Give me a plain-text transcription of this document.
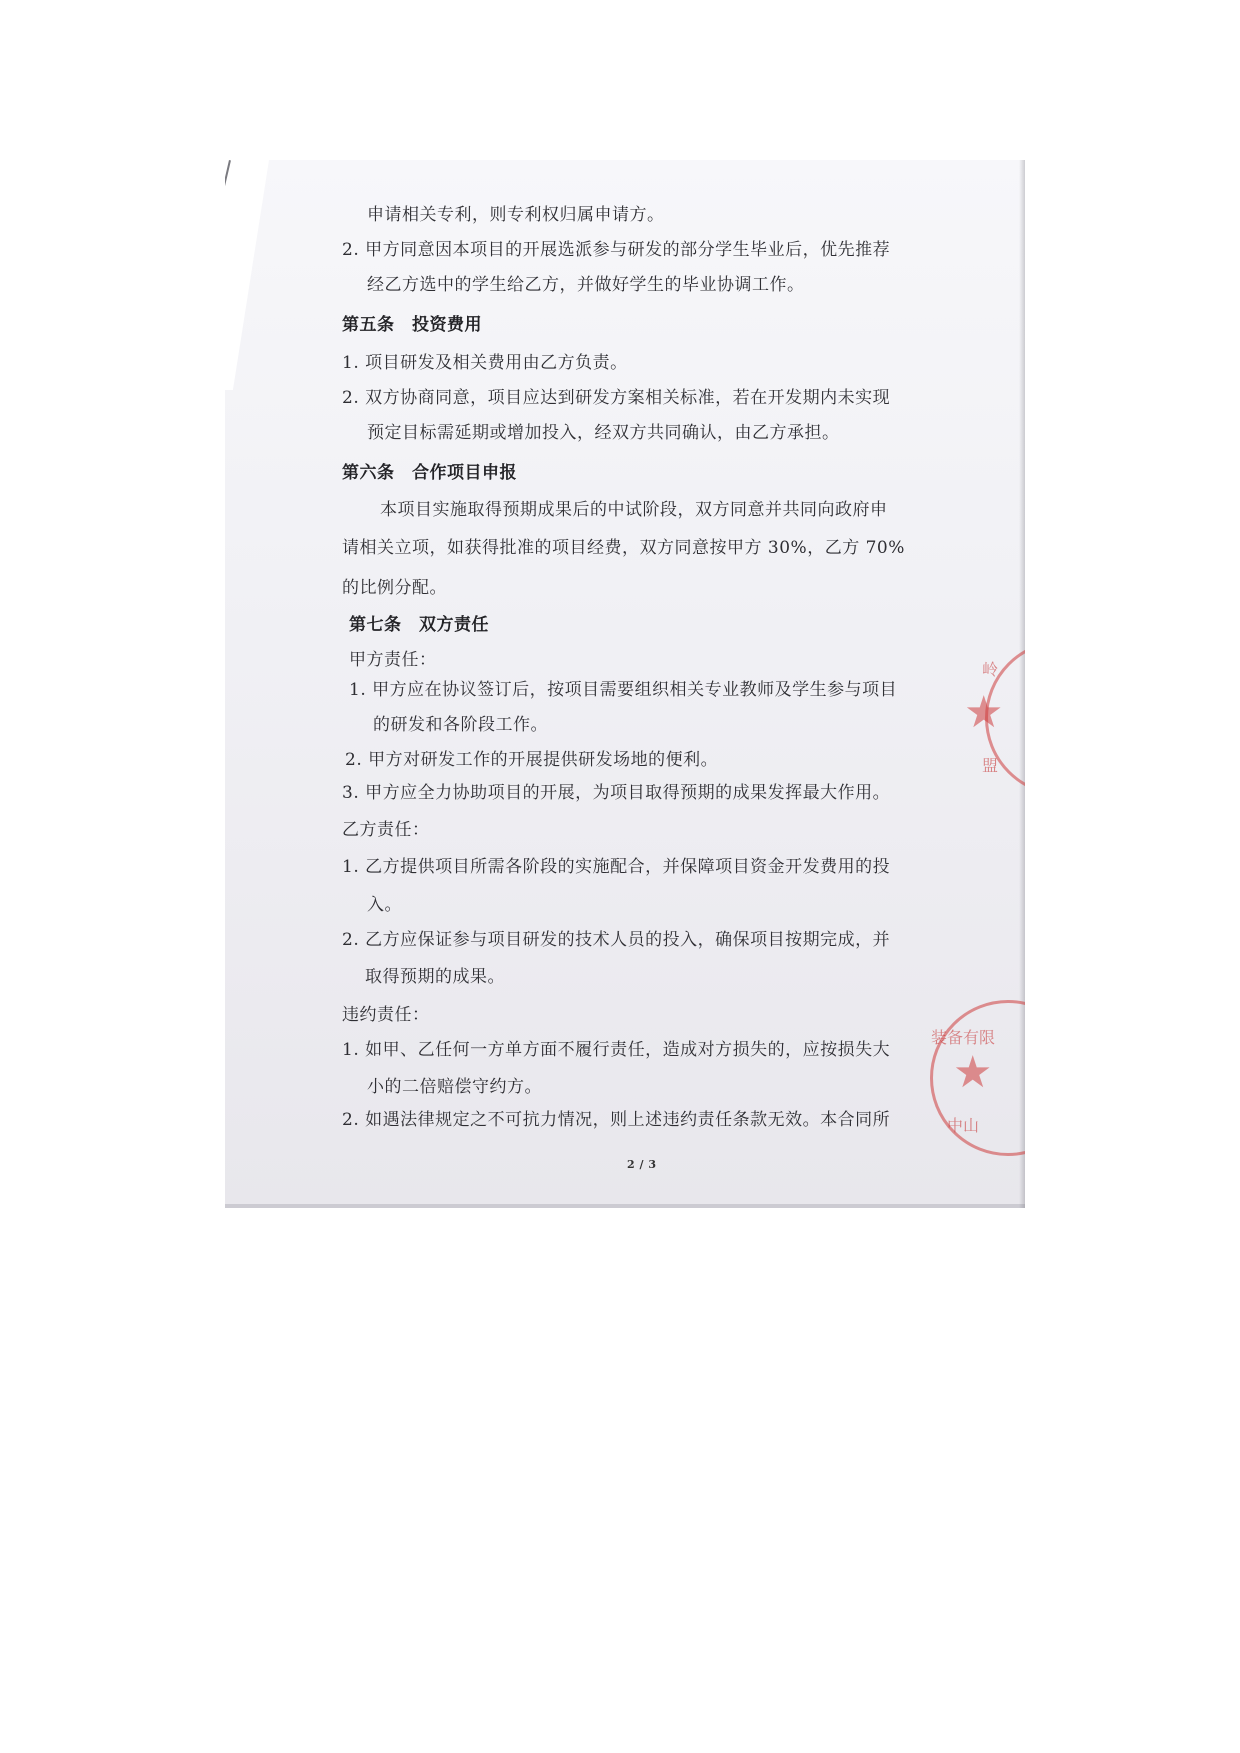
申请相关专利，则专利权归属申请方。
2. 甲方同意因本项目的开展选派参与研发的部分学生毕业后，优先推荐
经乙方选中的学生给乙方，并做好学生的毕业协调工作。
第五条　投资费用
1. 项目研发及相关费用由乙方负责。
2. 双方协商同意，项目应达到研发方案相关标准，若在开发期内未实现
预定目标需延期或增加投入，经双方共同确认，由乙方承担。
第六条　合作项目申报
本项目实施取得预期成果后的中试阶段，双方同意并共同向政府申
请相关立项，如获得批准的项目经费，双方同意按甲方 30%，乙方 70%
的比例分配。
第七条　双方责任
甲方责任：
1. 甲方应在协议签订后，按项目需要组织相关专业教师及学生参与项目
的研发和各阶段工作。
2. 甲方对研发工作的开展提供研发场地的便利。
3. 甲方应全力协助项目的开展，为项目取得预期的成果发挥最大作用。
乙方责任：
1. 乙方提供项目所需各阶段的实施配合，并保障项目资金开发费用的投
入。
2. 乙方应保证参与项目研发的技术人员的投入，确保项目按期完成，并
取得预期的成果。
违约责任：
1. 如甲、乙任何一方单方面不履行责任，造成对方损失的，应按损失大
小的二倍赔偿守约方。
2. 如遇法律规定之不可抗力情况，则上述违约责任条款无效。本合同所
2 / 3
岭
★
盟
装备有限
★
中山
